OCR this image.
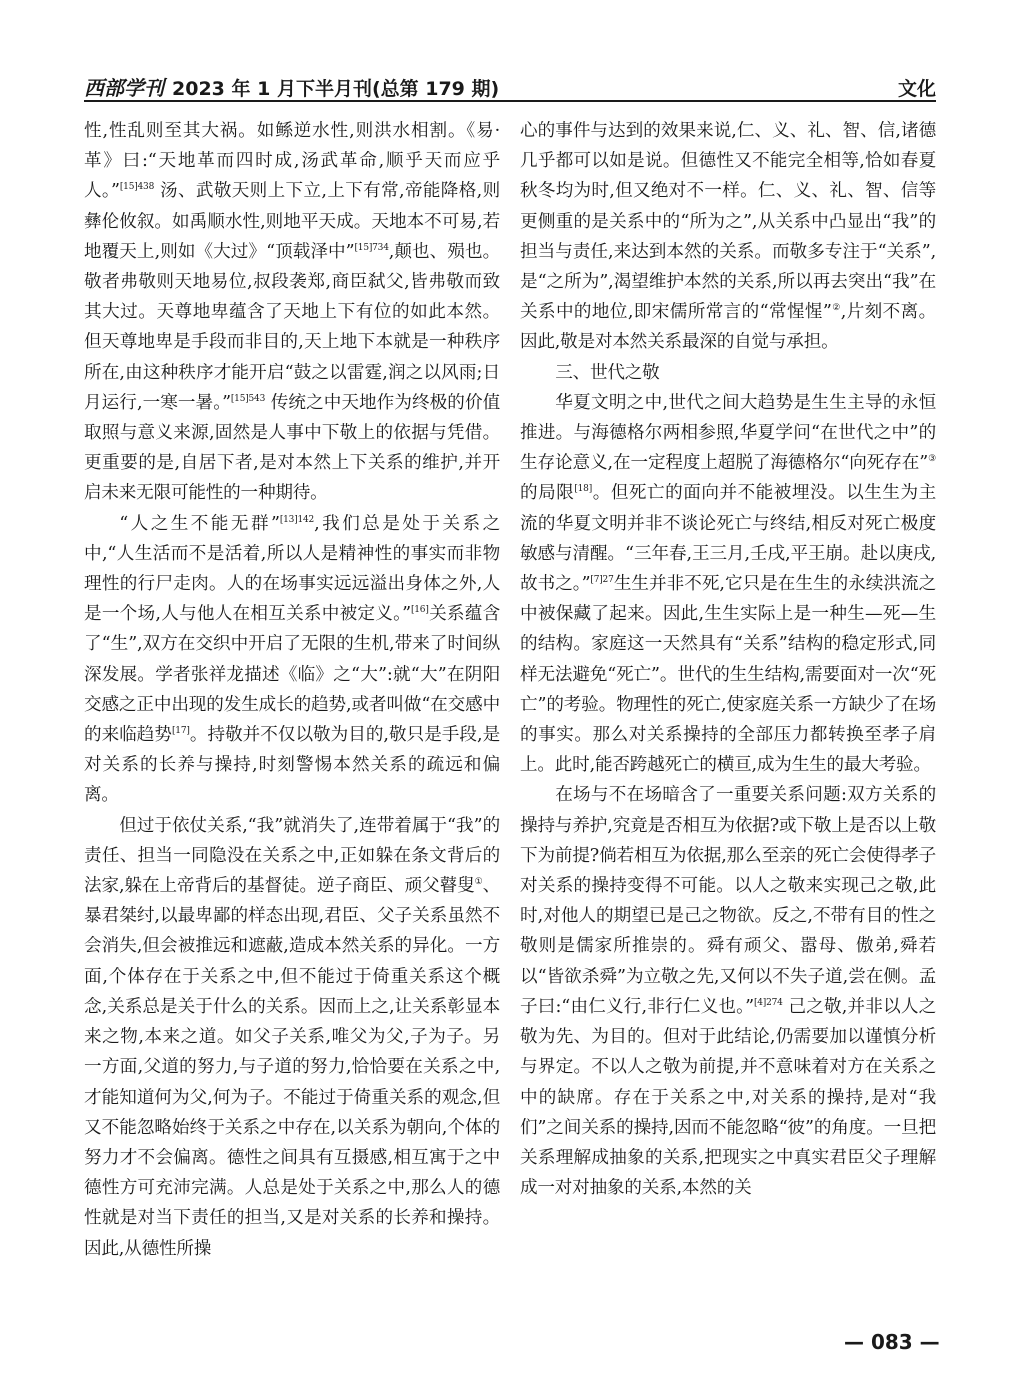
西部学刊 2023 年 1 月下半月刊(总第 179 期)	文化

性,性乱则至其大祸。如鲧逆水性,则洪水相割。《易·革》曰:“天地革而四时成,汤武革命,顺乎天而应乎人。”$^{[15]438}$ 汤、武敬天则上下立,上下有常,帝能降格,则彝伦攸叙。如禹顺水性,则地平天成。天地本不可易,若地覆天上,则如《大过》“顶载泽中”$^{[15]734}$,颠也、殒也。敬者弗敬则天地易位,叔段袭郑,商臣弑父,皆弗敬而致其大过。天尊地卑蕴含了天地上下有位的如此本然。但天尊地卑是手段而非目的,天上地下本就是一种秩序所在,由这种秩序才能开启“鼓之以雷霆,润之以风雨;日月运行,一寒一暑。”$^{[15]543}$ 传统之中天地作为终极的价值取照与意义来源,固然是人事中下敬上的依据与凭借。更重要的是,自居下者,是对本然上下关系的维护,并开启未来无限可能性的一种期待。

“人之生不能无群”$^{[13]142}$,我们总是处于关系之中,“人生活而不是活着,所以人是精神性的事实而非物理性的行尸走肉。人的在场事实远远溢出身体之外,人是一个场,人与他人在相互关系中被定义。”[16]关系蕴含了“生”,双方在交织中开启了无限的生机,带来了时间纵深发展。学者张祥龙描述《临》之“大”:就“大”在阴阳交感之正中出现的发生成长的趋势,或者叫做“在交感中的来临趋势[17]。持敬并不仅以敬为目的,敬只是手段,是对关系的长养与操持,时刻警惕本然关系的疏远和偏离。

但过于依仗关系,“我”就消失了,连带着属于“我”的责任、担当一同隐没在关系之中,正如躲在条文背后的法家,躲在上帝背后的基督徒。逆子商臣、顽父瞽叟①、暴君桀纣,以最卑鄙的样态出现,君臣、父子关系虽然不会消失,但会被推远和遮蔽,造成本然关系的异化。一方面,个体存在于关系之中,但不能过于倚重关系这个概念,关系总是关于什么的关系。因而上之,让关系彰显本来之物,本来之道。如父子关系,唯父为父,子为子。另一方面,父道的努力,与子道的努力,恰恰要在关系之中,才能知道何为父,何为子。不能过于倚重关系的观念,但又不能忽略始终于关系之中存在,以关系为朝向,个体的努力才不会偏离。德性之间具有互摄感,相互寓于之中德性方可充沛完满。人总是处于关系之中,那么人的德性就是对当下责任的担当,又是对关系的长养和操持。因此,从德性所操

心的事件与达到的效果来说,仁、义、礼、智、信,诸德几乎都可以如是说。但德性又不能完全相等,恰如春夏秋冬均为时,但又绝对不一样。仁、义、礼、智、信等更侧重的是关系中的“所为之”,从关系中凸显出“我”的担当与责任,来达到本然的关系。而敬多专注于“关系”,是“之所为”,渴望维护本然的关系,所以再去突出“我”在关系中的地位,即宋儒所常言的“常惺惺”②,片刻不离。因此,敬是对本然关系最深的自觉与承担。

三、世代之敬

华夏文明之中,世代之间大趋势是生生主导的永恒推进。与海德格尔两相参照,华夏学问“在世代之中”的生存论意义,在一定程度上超脱了海德格尔“向死存在”③的局限[18]。但死亡的面向并不能被埋没。以生生为主流的华夏文明并非不谈论死亡与终结,相反对死亡极度敏感与清醒。“三年春,王三月,壬戌,平王崩。赴以庚戌,故书之。”$^{[7]27}$生生并非不死,它只是在生生的永续洪流之中被保藏了起来。因此,生生实际上是一种生—死—生的结构。家庭这一天然具有“关系”结构的稳定形式,同样无法避免“死亡”。世代的生生结构,需要面对一次“死亡”的考验。物理性的死亡,使家庭关系一方缺少了在场的事实。那么对关系操持的全部压力都转换至孝子肩上。此时,能否跨越死亡的横亘,成为生生的最大考验。

在场与不在场暗含了一重要关系问题:双方关系的操持与养护,究竟是否相互为依据?或下敬上是否以上敬下为前提?倘若相互为依据,那么至亲的死亡会使得孝子对关系的操持变得不可能。以人之敬来实现己之敬,此时,对他人的期望已是己之物欲。反之,不带有目的性之敬则是儒家所推崇的。舜有顽父、嚣母、傲弟,舜若以“皆欲杀舜”为立敬之先,又何以不失子道,尝在侧。孟子曰:“由仁义行,非行仁义也。”$^{[4]274}$ 己之敬,并非以人之敬为先、为目的。但对于此结论,仍需要加以谨慎分析与界定。不以人之敬为前提,并不意味着对方在关系之中的缺席。存在于关系之中,对关系的操持,是对“我们”之间关系的操持,因而不能忽略“彼”的角度。一旦把关系理解成抽象的关系,把现实之中真实君臣父子理解成一对对抽象的关系,本然的关

— 083 —
